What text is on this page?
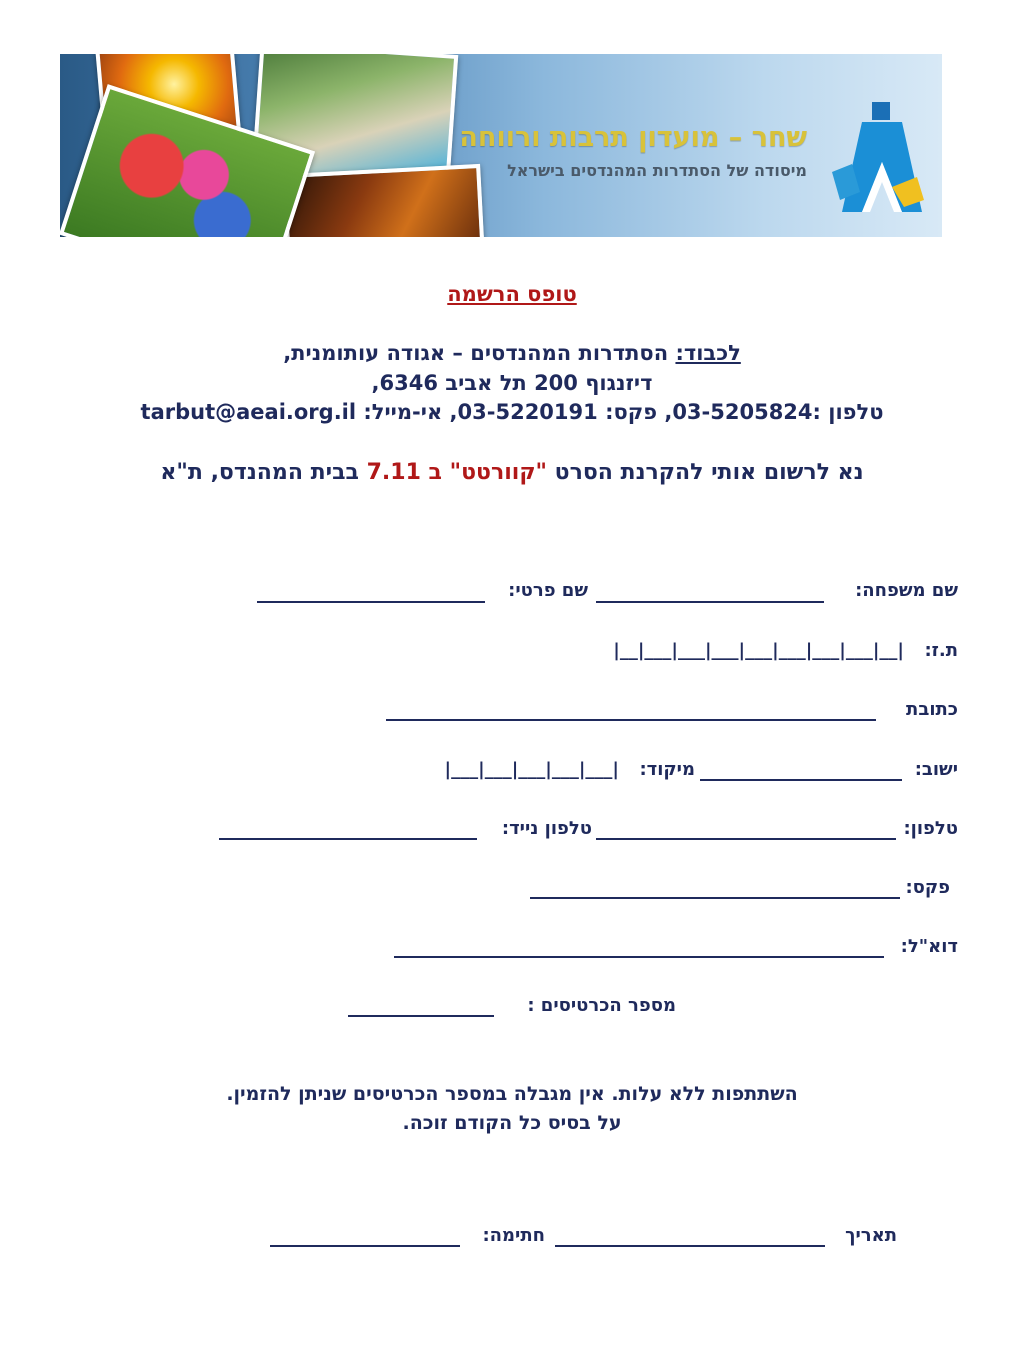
שחר – מועדון תרבות ורווחה
מיסודה של הסתדרות המהנדסים בישראל
טופס הרשמה
לכבוד: הסתדרות המהנדסים – אגודה עותומנית,
דיזנגוף 200 תל אביב 6346,
טלפון :03-5205824, פקס: 03-5220191, אי-מייל: tarbut@aeai.org.il
נא לרשום אותי להקרנת הסרט "קוורטט" ב 7.11 בבית המהנדס, ת"א
שם משפחה:
שם פרטי:
ת.ז:
|__|___|___|___|___|___|___|___|__|
כתובת
ישוב:
מיקוד:
|___|___|___|___|___|
טלפון:
טלפון נייד:
פקס:
דוא"ל:
מספר הכרטיסים :
השתתפות ללא עלות. אין מגבלה במספר הכרטיסים שניתן להזמין.
על בסיס כל הקודם זוכה.
תאריך
חתימה:
